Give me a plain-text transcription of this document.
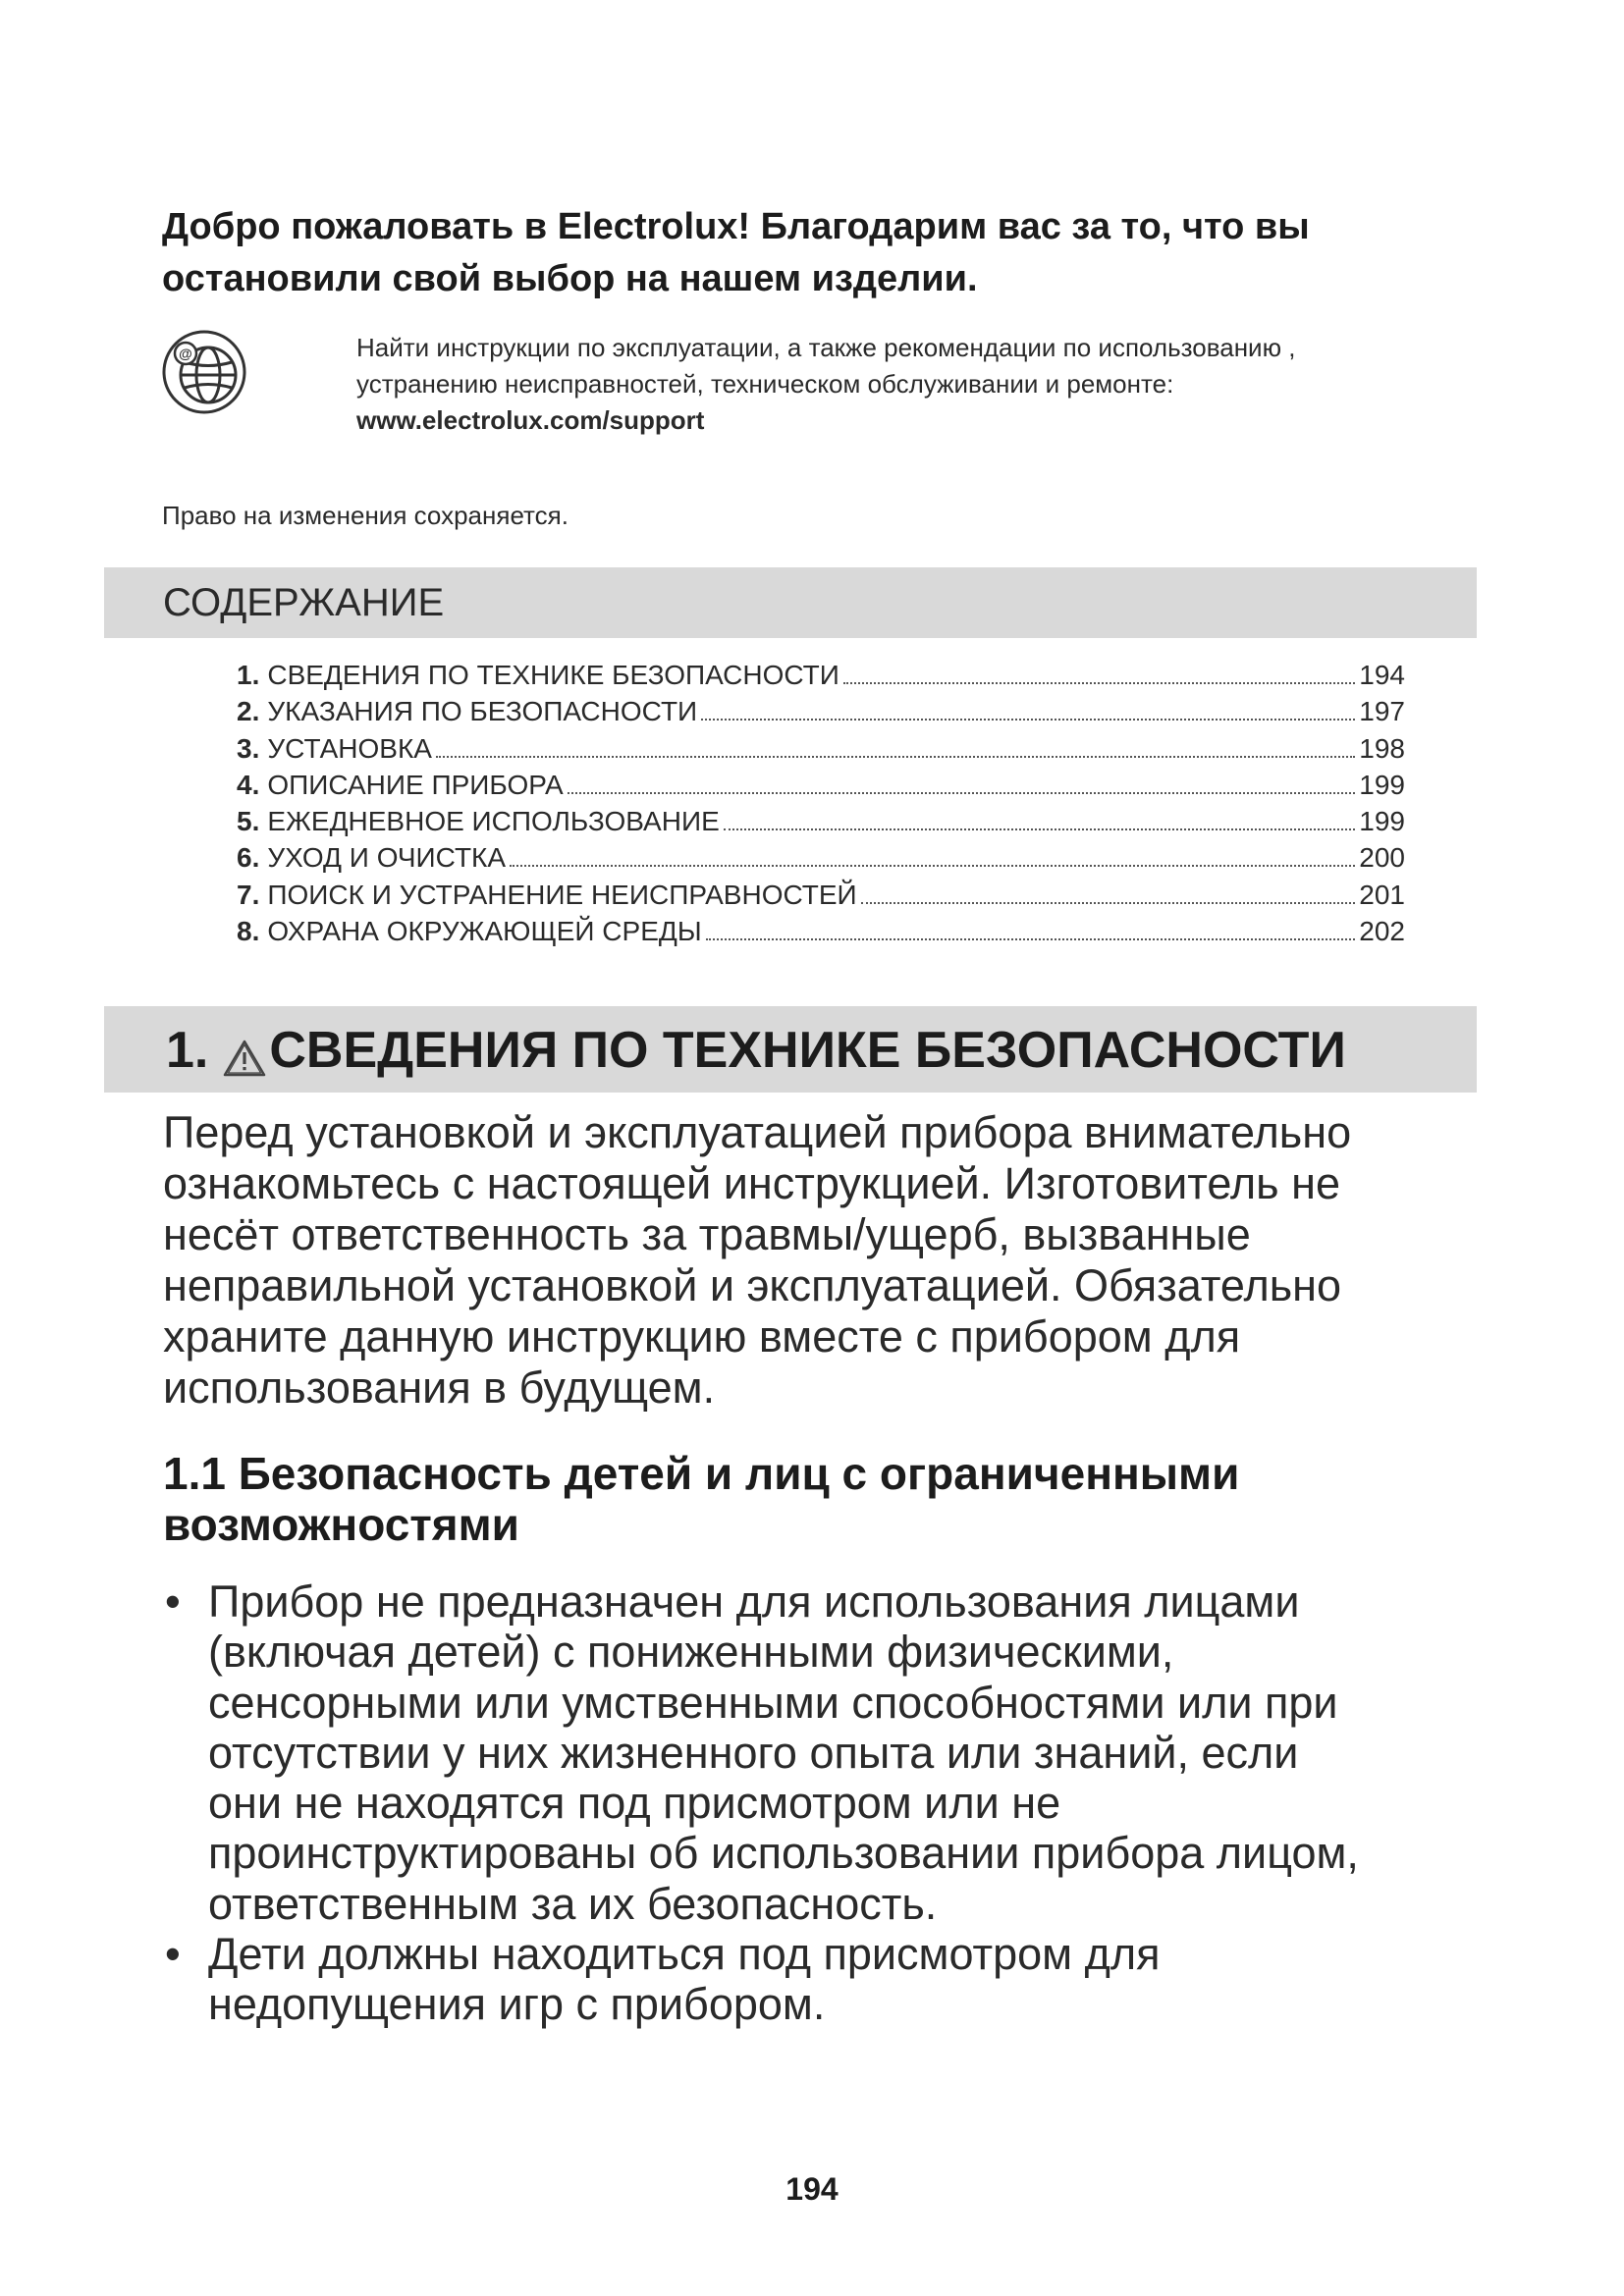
Добро пожаловать в Electrolux! Благодарим вас за то, что вы
остановили свой выбор на нашем изделии.
@	Найти инструкции по эксплуатации, а также рекомендации по использованию ,
устранению неисправностей, техническом обслуживании и ремонте:
www.electrolux.com/support
Право на изменения сохраняется.
СОДЕРЖАНИЕ
1. СВЕДЕНИЯ ПО ТЕХНИКЕ БЕЗОПАСНОСТИ	194
2. УКАЗАНИЯ ПО БЕЗОПАСНОСТИ	197
3. УСТАНОВКА	198
4. ОПИСАНИЕ ПРИБОРА	199
5. ЕЖЕДНЕВНОЕ ИСПОЛЬЗОВАНИЕ	199
6. УХОД И ОЧИСТКА	200
7. ПОИСК И УСТРАНЕНИЕ НЕИСПРАВНОСТЕЙ	201
8. ОХРАНА ОКРУЖАЮЩЕЙ СРЕДЫ	202
1. СВЕДЕНИЯ ПО ТЕХНИКЕ БЕЗОПАСНОСТИ
Перед установкой и эксплуатацией прибора внимательно
ознакомьтесь с настоящей инструкцией. Изготовитель не
несёт ответственность за травмы/ущерб, вызванные
неправильной установкой и эксплуатацией. Обязательно
храните данную инструкцию вместе с прибором для
использования в будущем.
1.1 Безопасность детей и лиц с ограниченными
возможностями
• Прибор не предназначен для использования лицами
(включая детей) с пониженными физическими,
сенсорными или умственными способностями или при
отсутствии у них жизненного опыта или знаний, если
они не находятся под присмотром или не
проинструктированы об использовании прибора лицом,
ответственным за их безопасность.
• Дети должны находиться под присмотром для
недопущения игр с прибором.
194
